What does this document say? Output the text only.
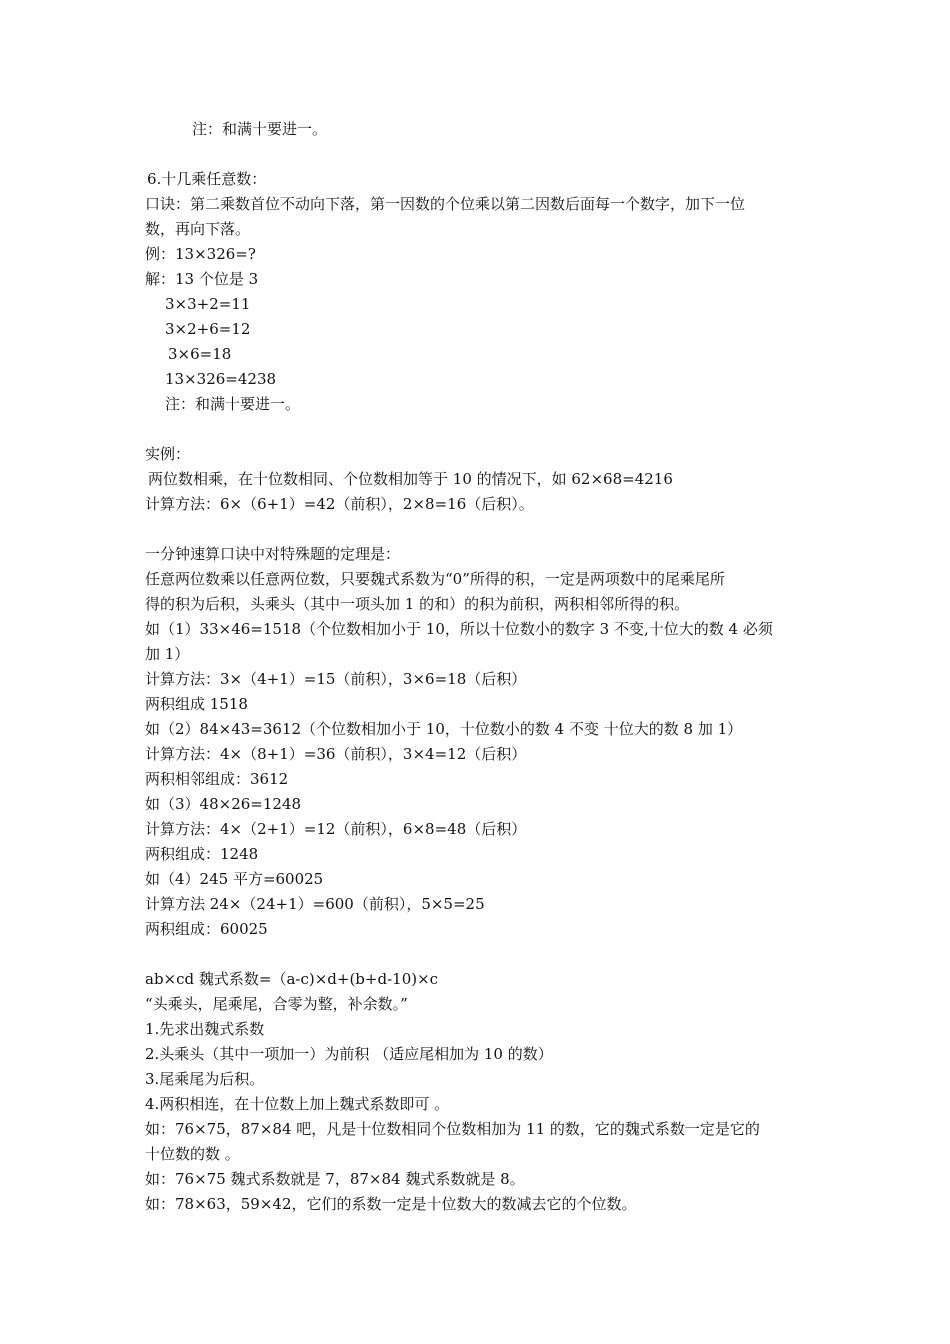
注：和满十要进一。
6.十几乘任意数：
口诀：第二乘数首位不动向下落，第一因数的个位乘以第二因数后面每一个数字，加下一位
数，再向下落。
例：13×326=?
解：13 个位是 3
3×3+2=11
3×2+6=12
3×6=18
13×326=4238
注：和满十要进一。
实例：
两位数相乘，在十位数相同、个位数相加等于 10 的情况下，如 62×68=4216
计算方法：6×（6+1）=42（前积），2×8=16（后积）。
一分钟速算口诀中对特殊题的定理是：
任意两位数乘以任意两位数，只要魏式系数为“0”所得的积，一定是两项数中的尾乘尾所
得的积为后积，头乘头（其中一项头加 1 的和）的积为前积，两积相邻所得的积。
如（1）33×46=1518（个位数相加小于 10，所以十位数小的数字 3 不变,十位大的数 4 必须
加 1）
计算方法：3×（4+1）=15（前积），3×6=18（后积）
两积组成 1518
如（2）84×43=3612（个位数相加小于 10，十位数小的数 4 不变 十位大的数 8 加 1）
计算方法：4×（8+1）=36（前积），3×4=12（后积）
两积相邻组成：3612
如（3）48×26=1248
计算方法：4×（2+1）=12（前积），6×8=48（后积）
两积组成：1248
如（4）245 平方=60025
计算方法 24×（24+1）=600（前积），5×5=25
两积组成：60025
ab×cd 魏式系数=（a-c)×d+(b+d-10)×c
“头乘头，尾乘尾，合零为整，补余数。”
1.先求出魏式系数
2.头乘头（其中一项加一）为前积 （适应尾相加为 10 的数）
3.尾乘尾为后积。
4.两积相连，在十位数上加上魏式系数即可 。
如：76×75，87×84 吧，凡是十位数相同个位数相加为 11 的数，它的魏式系数一定是它的
十位数的数 。
如：76×75 魏式系数就是 7，87×84 魏式系数就是 8。
如：78×63，59×42，它们的系数一定是十位数大的数减去它的个位数。
